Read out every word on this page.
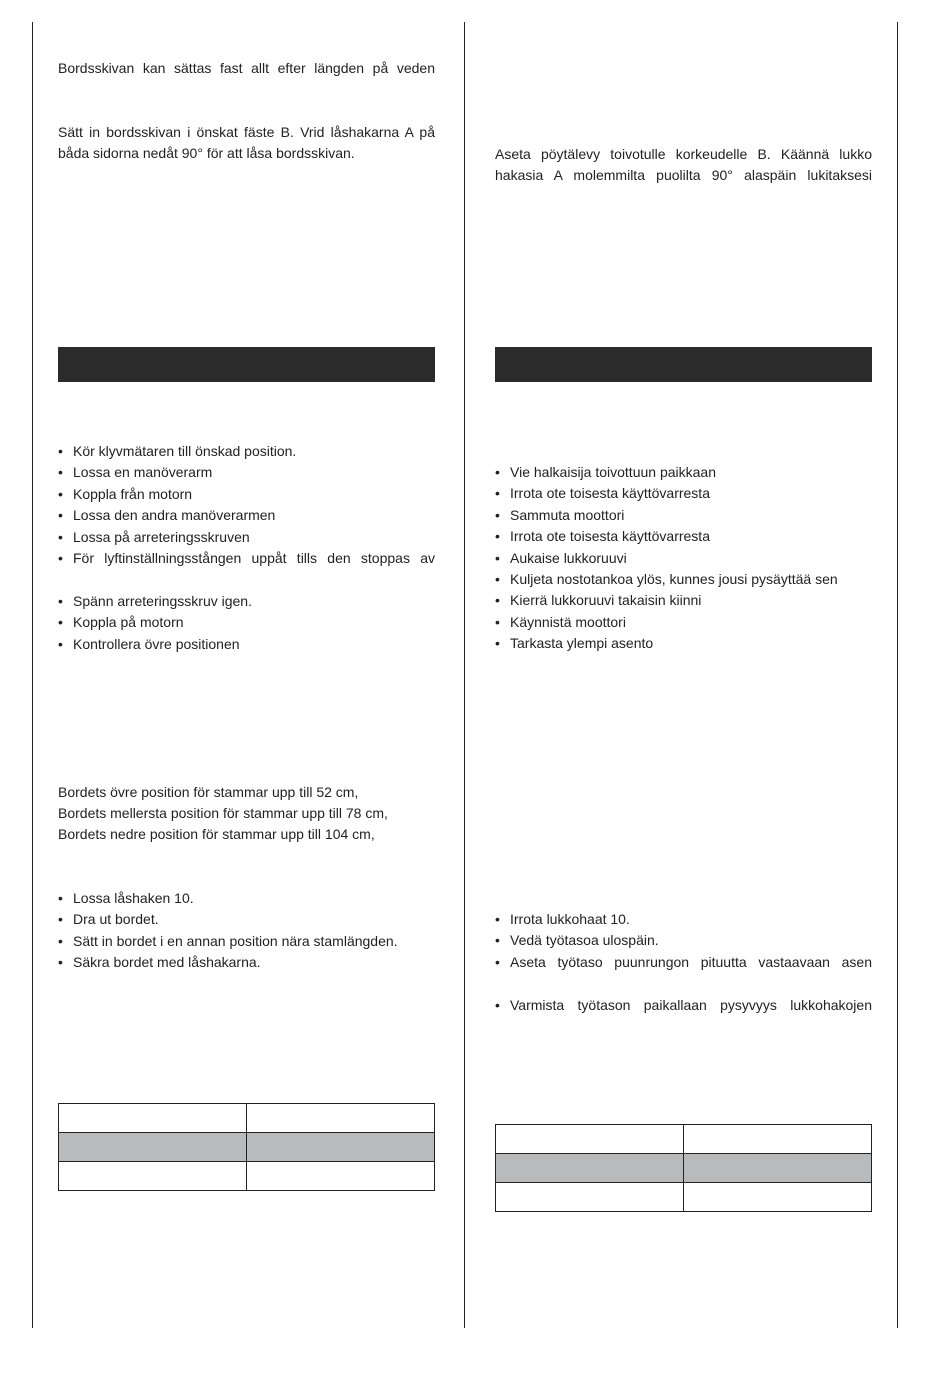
Bordsskivan kan sättas fast allt efter längden på veden

Sätt in bordsskivan i önskat fäste B. Vrid låshakarna A på

båda sidorna nedåt 90° för att låsa bordsskivan.

• Kör klyvmätaren till önskad position.
• Lossa en manöverarm
• Koppla från motorn
• Lossa den andra manöverarmen
• Lossa på arreteringsskruven
• För lyftinställningsstången uppåt tills den stoppas av
• Spänn arreteringsskruv igen.
• Koppla på motorn
• Kontrollera övre positionen

Bordets övre position för stammar upp till 52 cm,

Bordets mellersta position för stammar upp till 78 cm,

Bordets nedre position för stammar upp till 104 cm,

• Lossa låshaken 10.
• Dra ut bordet.
• Sätt in bordet i en annan position nära stamlängden.
• Säkra bordet med låshakarna.

Aseta pöytälevy toivotulle korkeudelle B. Käännä lukko

hakasia A molemmilta puolilta 90° alaspäin lukitaksesi

• Vie halkaisija toivottuun paikkaan
• Irrota ote toisesta käyttövarresta
• Sammuta moottori
• Irrota ote toisesta käyttövarresta
• Aukaise lukkoruuvi
• Kuljeta nostotankoa ylös, kunnes jousi pysäyttää sen
• Kierrä lukkoruuvi takaisin kiinni
• Käynnistä moottori
• Tarkasta ylempi asento
• Irrota lukkohaat 10.
• Vedä työtasoa ulospäin.
• Aseta työtaso puunrungon pituutta vastaavaan asen
• Varmista työtason paikallaan pysyvyys lukkohakojen
